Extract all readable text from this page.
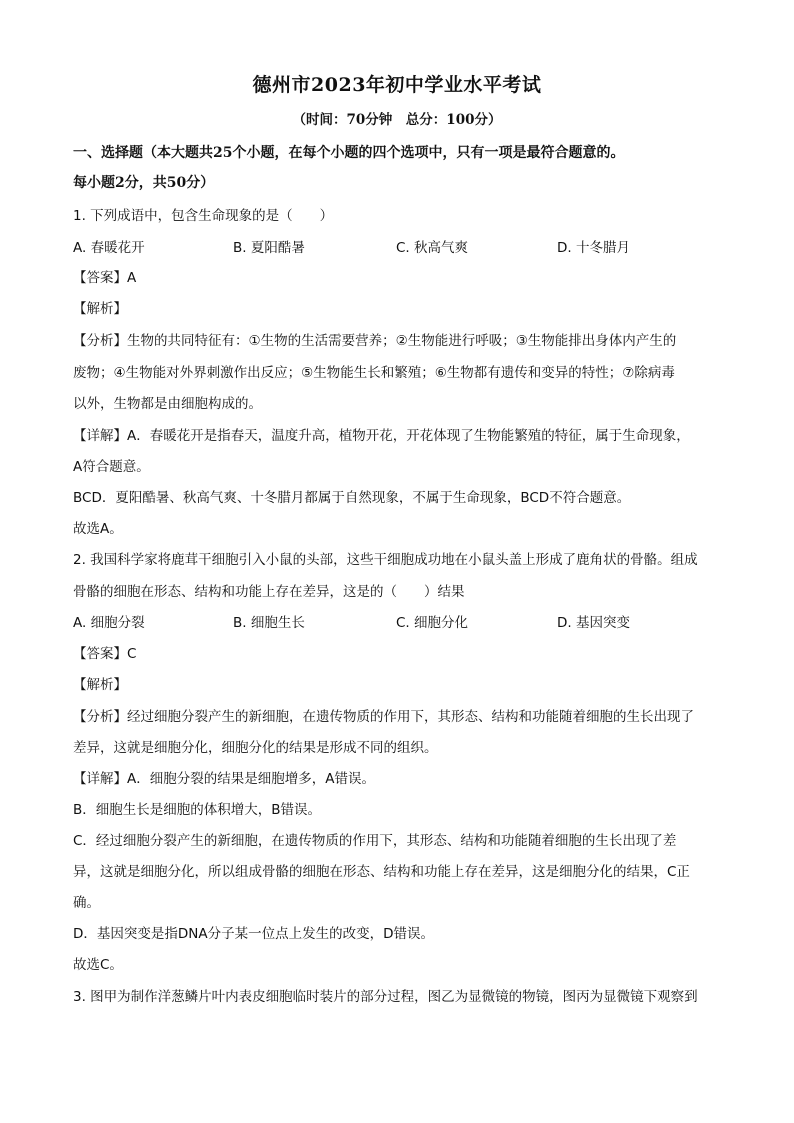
德州市2023年初中学业水平考试
（时间：70分钟　总分：100分）
一、选择题（本大题共25个小题，在每个小题的四个选项中，只有一项是最符合题意的。
每小题2分，共50分）
1. 下列成语中，包含生命现象的是（　　）
A. 春暖花开	B. 夏阳酷暑	C. 秋高气爽	D. 十冬腊月
【答案】A
【解析】
【分析】生物的共同特征有：①生物的生活需要营养；②生物能进行呼吸；③生物能排出身体内产生的
废物；④生物能对外界刺激作出反应；⑤生物能生长和繁殖；⑥生物都有遗传和变异的特性；⑦除病毒
以外，生物都是由细胞构成的。
【详解】A．春暖花开是指春天，温度升高，植物开花，开花体现了生物能繁殖的特征，属于生命现象，
A符合题意。
BCD．夏阳酷暑、秋高气爽、十冬腊月都属于自然现象，不属于生命现象，BCD不符合题意。
故选A。
2. 我国科学家将鹿茸干细胞引入小鼠的头部，这些干细胞成功地在小鼠头盖上形成了鹿角状的骨骼。组成
骨骼的细胞在形态、结构和功能上存在差异，这是的（　　）结果
A. 细胞分裂	B. 细胞生长	C. 细胞分化	D. 基因突变
【答案】C
【解析】
【分析】经过细胞分裂产生的新细胞，在遗传物质的作用下，其形态、结构和功能随着细胞的生长出现了
差异，这就是细胞分化，细胞分化的结果是形成不同的组织。
【详解】A．细胞分裂的结果是细胞增多，A错误。
B．细胞生长是细胞的体积增大，B错误。
C．经过细胞分裂产生的新细胞，在遗传物质的作用下，其形态、结构和功能随着细胞的生长出现了差
异，这就是细胞分化，所以组成骨骼的细胞在形态、结构和功能上存在差异，这是细胞分化的结果，C正
确。
D．基因突变是指DNA分子某一位点上发生的改变，D错误。
故选C。
3. 图甲为制作洋葱鳞片叶内表皮细胞临时装片的部分过程，图乙为显微镜的物镜，图丙为显微镜下观察到
